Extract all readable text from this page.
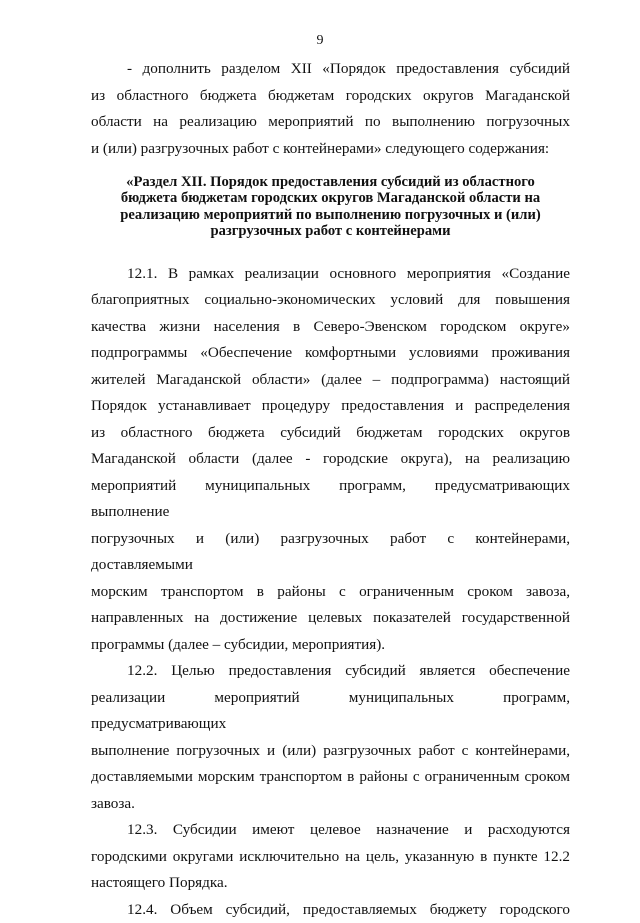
9

- дополнить разделом XII «Порядок предоставления субсидий
из областного бюджета бюджетам городских округов Магаданской
области на реализацию мероприятий по выполнению погрузочных
и (или) разгрузочных работ с контейнерами» следующего содержания:

«Раздел XII. Порядок предоставления субсидий из областного
бюджета бюджетам городских округов Магаданской области на
реализацию мероприятий по выполнению погрузочных и (или)
разгрузочных работ с контейнерами

12.1. В рамках реализации основного мероприятия «Создание
благоприятных социально-экономических условий для повышения
качества жизни населения в Северо-Эвенском городском округе»
подпрограммы «Обеспечение комфортными условиями проживания
жителей Магаданской области» (далее – подпрограмма) настоящий
Порядок устанавливает процедуру предоставления и распределения
из областного бюджета субсидий бюджетам городских округов
Магаданской области (далее - городские округа), на реализацию
мероприятий муниципальных программ, предусматривающих выполнение
погрузочных и (или) разгрузочных работ с контейнерами, доставляемыми
морским транспортом в районы с ограниченным сроком завоза,
направленных на достижение целевых показателей государственной
программы (далее – субсидии, мероприятия).

12.2. Целью предоставления субсидий является обеспечение
реализации мероприятий муниципальных программ, предусматривающих
выполнение погрузочных и (или) разгрузочных работ с контейнерами,
доставляемыми морским транспортом в районы с ограниченным сроком
завоза.

12.3. Субсидии имеют целевое назначение и расходуются
городскими округами исключительно на цель, указанную в пункте 12.2
настоящего Порядка.

12.4. Объем субсидий, предоставляемых бюджету городского
